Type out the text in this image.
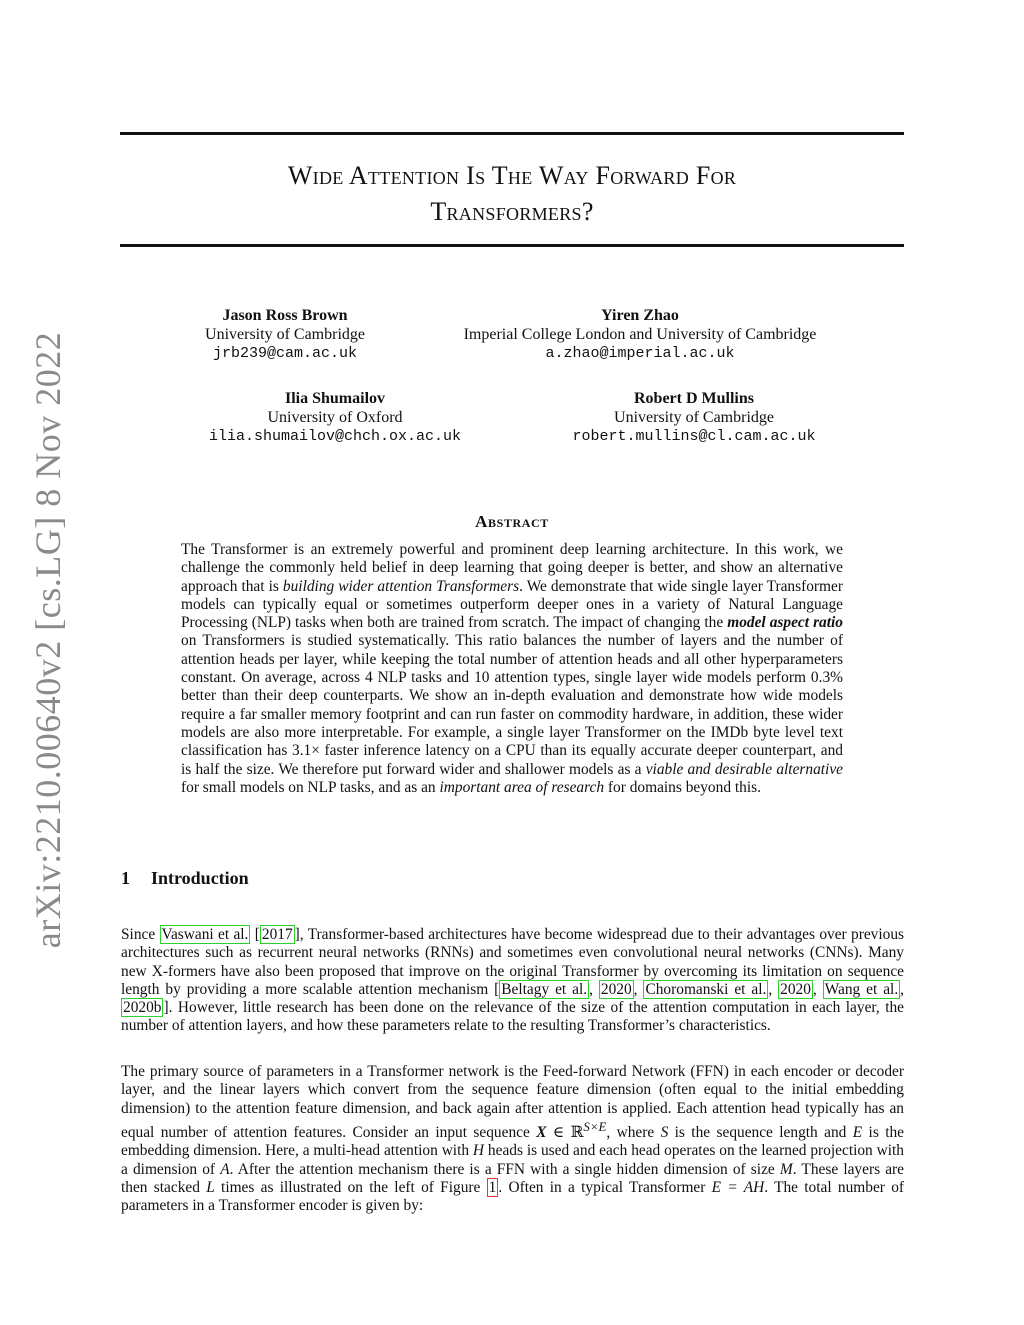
arXiv:2210.00640v2 [cs.LG] 8 Nov 2022
Wide Attention Is The Way Forward For
Transformers?
Jason Ross Brown
University of Cambridge
jrb239@cam.ac.uk
Yiren Zhao
Imperial College London and University of Cambridge
a.zhao@imperial.ac.uk
Ilia Shumailov
University of Oxford
ilia.shumailov@chch.ox.ac.uk
Robert D Mullins
University of Cambridge
robert.mullins@cl.cam.ac.uk
Abstract
The Transformer is an extremely powerful and prominent deep learning architecture. In this work, we challenge the commonly held belief in deep learning that going deeper is better, and show an alternative approach that is building wider attention Transformers. We demonstrate that wide single layer Transformer models can typically equal or sometimes outperform deeper ones in a variety of Natural Language Processing (NLP) tasks when both are trained from scratch. The impact of changing the model aspect ratio on Transformers is studied systematically. This ratio balances the number of layers and the number of attention heads per layer, while keeping the total number of attention heads and all other hyperparameters constant. On average, across 4 NLP tasks and 10 attention types, single layer wide models perform 0.3% better than their deep counterparts. We show an in-depth evaluation and demonstrate how wide models require a far smaller memory footprint and can run faster on commodity hardware, in addition, these wider models are also more interpretable. For example, a single layer Transformer on the IMDb byte level text classification has 3.1× faster inference latency on a CPU than its equally accurate deeper counterpart, and is half the size. We therefore put forward wider and shallower models as a viable and desirable alternative for small models on NLP tasks, and as an important area of research for domains beyond this.
1 Introduction
Since Vaswani et al. [ 2017 ], Transformer-based architectures have become widespread due to their advantages over previous architectures such as recurrent neural networks (RNNs) and sometimes even convolutional neural networks (CNNs). Many new X-formers have also been proposed that improve on the original Transformer by overcoming its limitation on sequence length by providing a more scalable attention mechanism [ Beltagy et al. , 2020 , Choromanski et al. , 2020 , Wang et al. , 2020b ]. However, little research has been done on the relevance of the size of the attention computation in each layer, the number of attention layers, and how these parameters relate to the resulting Transformer’s characteristics.
The primary source of parameters in a Transformer network is the Feed-forward Network (FFN) in each encoder or decoder layer, and the linear layers which convert from the sequence feature dimension (often equal to the initial embedding dimension) to the attention feature dimension, and back again after attention is applied. Each attention head typically has an equal number of attention features. Consider an input sequence X ∈ ℝ$^{S\times E}$, where S is the sequence length and E is the embedding dimension. Here, a multi-head attention with H heads is used and each head operates on the learned projection with a dimension of A. After the attention mechanism there is a FFN with a single hidden dimension of size M. These layers are then stacked L times as illustrated on the left of Figure 1 . Often in a typical Transformer E = AH. The total number of parameters in a Transformer encoder is given by:
